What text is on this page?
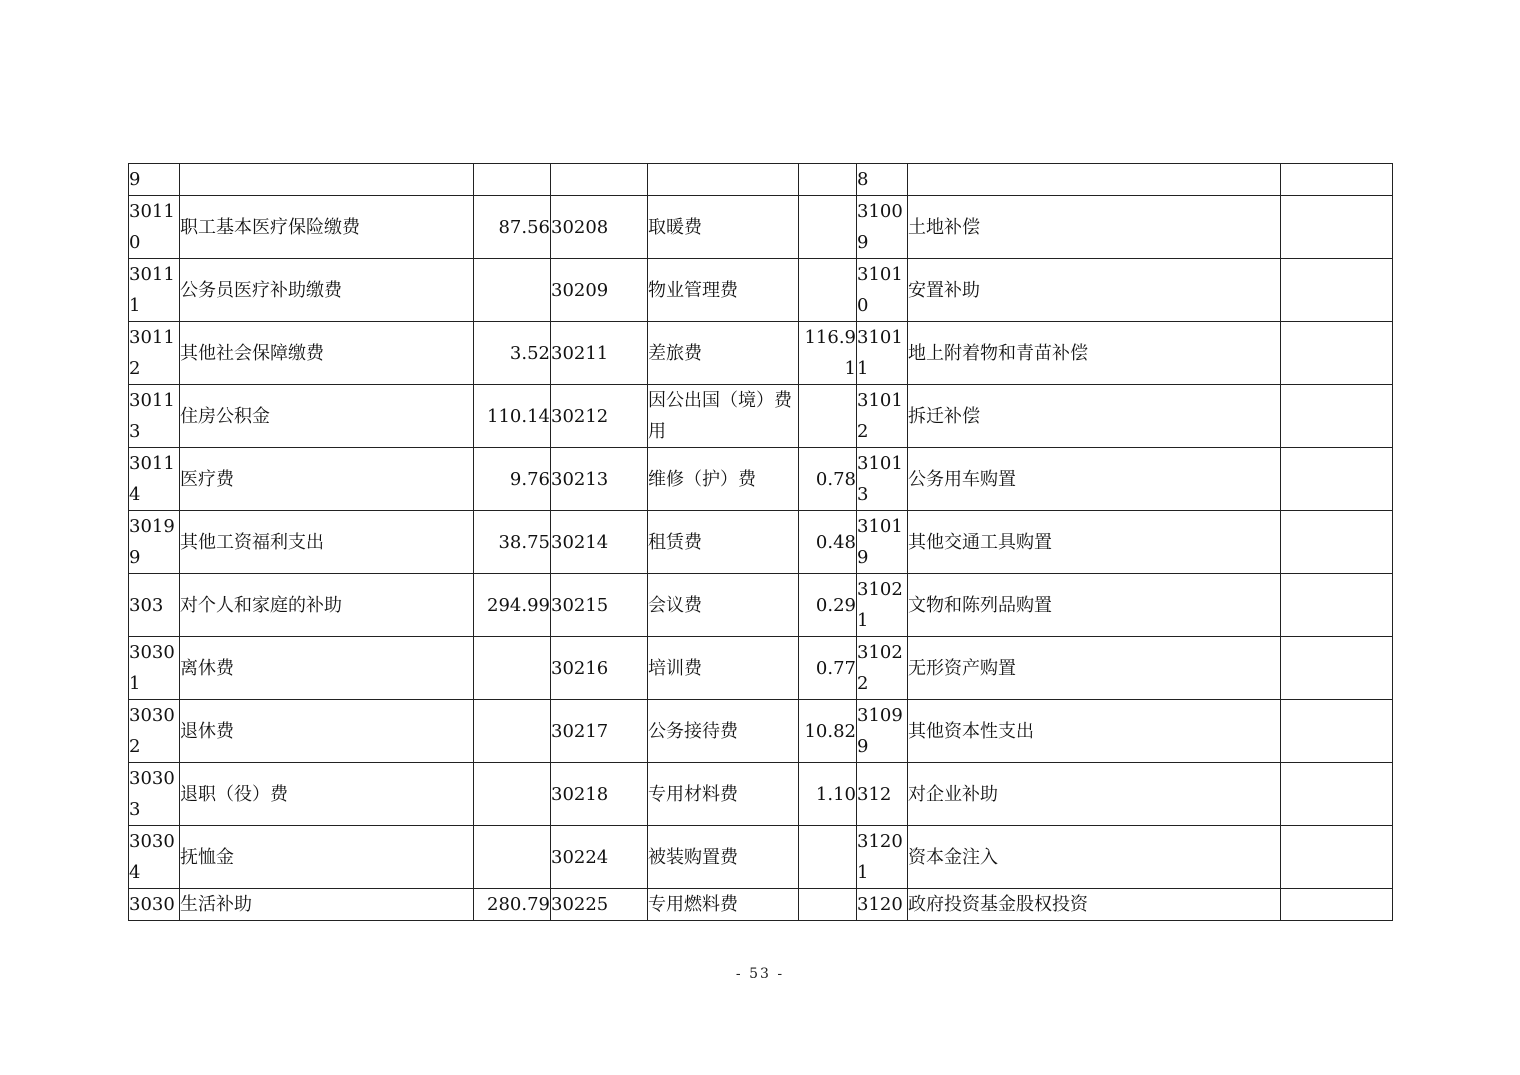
9						8		
30110	职工基本医疗保险缴费	87.56	30208	取暖费		31009	土地补偿	
30111	公务员医疗补助缴费		30209	物业管理费		31010	安置补助	
30112	其他社会保障缴费	3.52	30211	差旅费	116.91	31011	地上附着物和青苗补偿	
30113	住房公积金	110.14	30212	因公出国（境）费用		31012	拆迁补偿	
30114	医疗费	9.76	30213	维修（护）费	0.78	31013	公务用车购置	
30199	其他工资福利支出	38.75	30214	租赁费	0.48	31019	其他交通工具购置	
303	对个人和家庭的补助	294.99	30215	会议费	0.29	31021	文物和陈列品购置	
30301	离休费		30216	培训费	0.77	31022	无形资产购置	
30302	退休费		30217	公务接待费	10.82	31099	其他资本性支出	
30303	退职（役）费		30218	专用材料费	1.10	312	对企业补助	
30304	抚恤金		30224	被装购置费		31201	资本金注入	
3030	生活补助	280.79	30225	专用燃料费		3120	政府投资基金股权投资	
- 53 -
